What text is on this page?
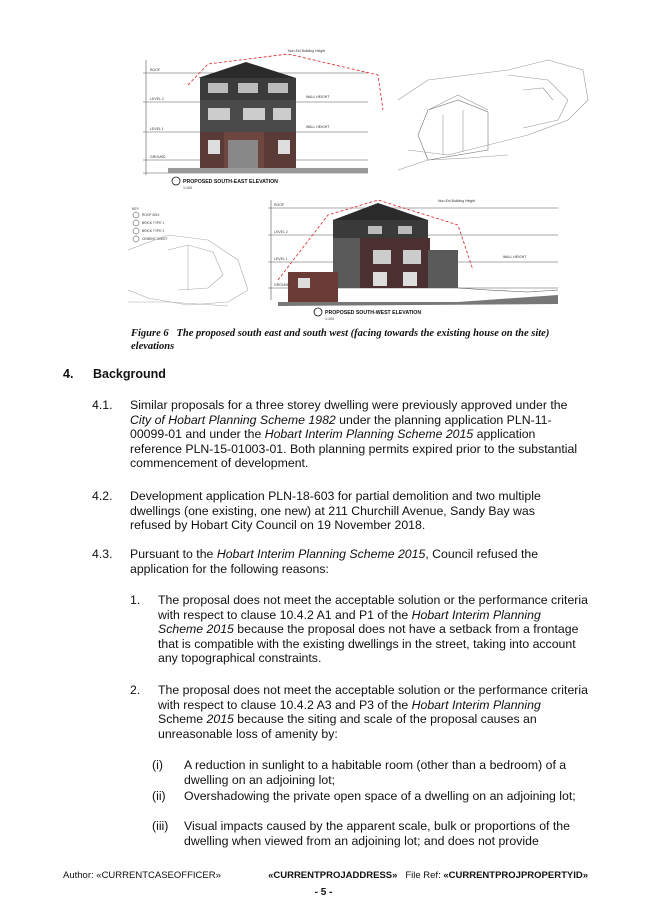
ROOF
LEVEL 2
LEVEL 1
GROUND
WALL HEIGHT
WALL HEIGHT
Non-Ext Building Height
PROPOSED SOUTH-EAST ELEVATION
1:100
KEY
ROOF BOX
BRICK TYPE 1
BRICK TYPE 2
CEMENT SHEET
ROOF
LEVEL 2
LEVEL 1
GROUND
WALL HEIGHT
Non-Ext Building Height
PROPOSED SOUTH-WEST ELEVATION
1:100
Figure 6 The proposed south east and south west (facing towards the existing house on the site) elevations
4. Background
4.1. Similar proposals for a three storey dwelling were previously approved under the City of Hobart Planning Scheme 1982 under the planning application PLN-11-00099-01 and under the Hobart Interim Planning Scheme 2015 application reference PLN-15-01003-01. Both planning permits expired prior to the substantial commencement of development.
4.2. Development application PLN-18-603 for partial demolition and two multiple dwellings (one existing, one new) at 211 Churchill Avenue, Sandy Bay was refused by Hobart City Council on 19 November 2018.
4.3. Pursuant to the Hobart Interim Planning Scheme 2015, Council refused the application for the following reasons:
1. The proposal does not meet the acceptable solution or the performance criteria with respect to clause 10.4.2 A1 and P1 of the Hobart Interim Planning Scheme 2015 because the proposal does not have a setback from a frontage that is compatible with the existing dwellings in the street, taking into account any topographical constraints.
2. The proposal does not meet the acceptable solution or the performance criteria with respect to clause 10.4.2 A3 and P3 of the Hobart Interim Planning Scheme 2015 because the siting and scale of the proposal causes an unreasonable loss of amenity by:
(i) A reduction in sunlight to a habitable room (other than a bedroom) of a dwelling on an adjoining lot;
(ii) Overshadowing the private open space of a dwelling on an adjoining lot;
(iii) Visual impacts caused by the apparent scale, bulk or proportions of the dwelling when viewed from an adjoining lot; and does not provide
Author: «CURRENTCASEOFFICER»	«CURRENTPROJADDRESS» File Ref: «CURRENTPROJPROPERTYID»
- 5 -
